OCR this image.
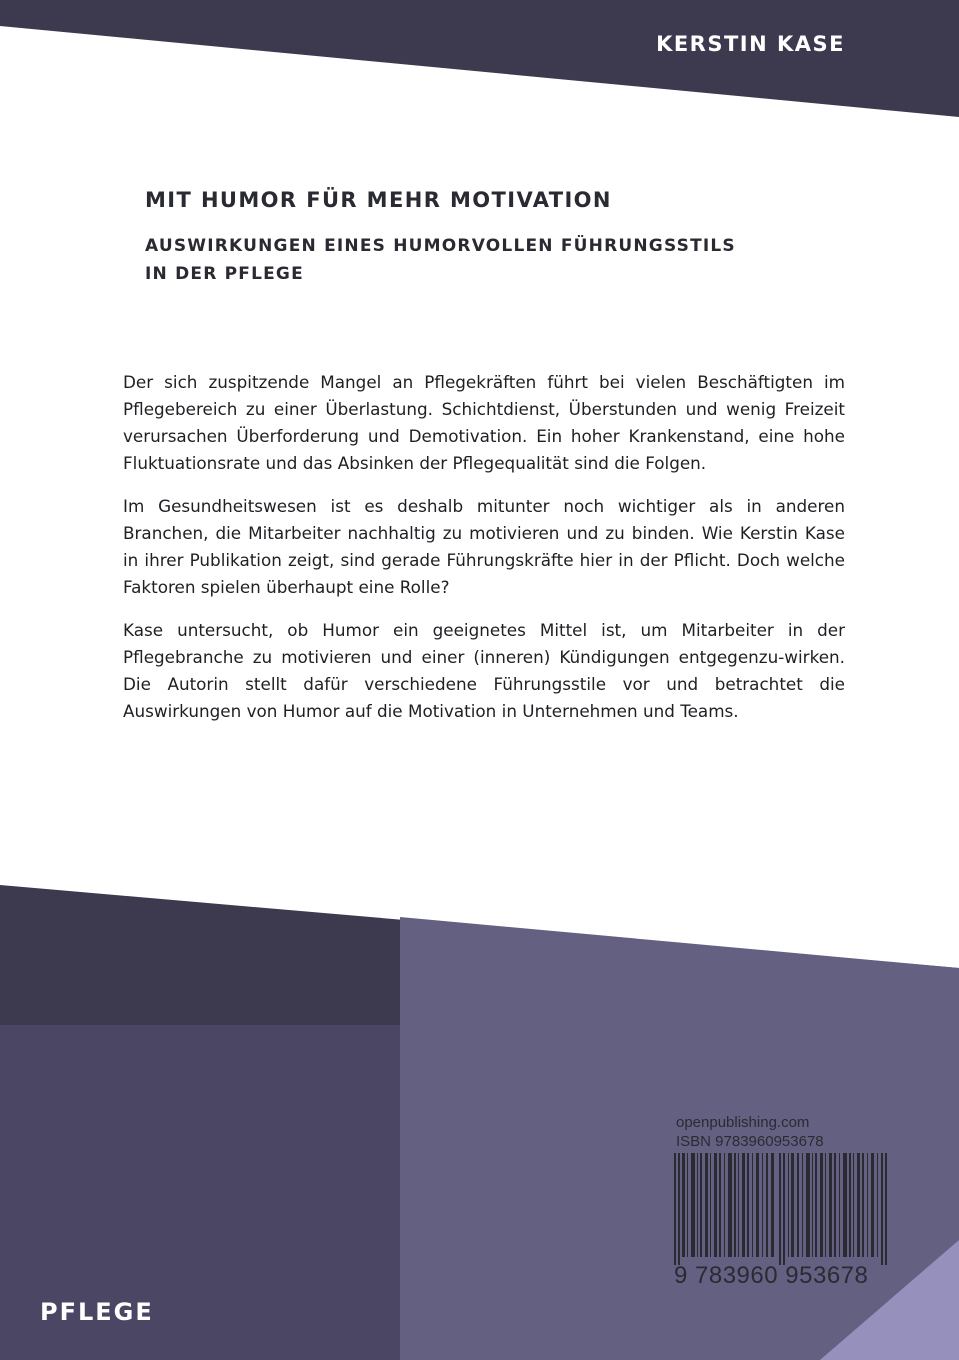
KERSTIN KASE
MIT HUMOR FÜR MEHR MOTIVATION
AUSWIRKUNGEN EINES HUMORVOLLEN FÜHRUNGSSTILS
IN DER PFLEGE

Der sich zuspitzende Mangel an Pflegekräften führt bei vielen Beschäftigten im Pflegebereich zu einer Überlastung. Schichtdienst, Überstunden und wenig Freizeit verursachen Überforderung und Demotivation. Ein hoher Krankenstand, eine hohe Fluktuationsrate und das Absinken der Pflegequalität sind die Folgen.

Im Gesundheitswesen ist es deshalb mitunter noch wichtiger als in anderen Branchen, die Mitarbeiter nachhaltig zu motivieren und zu binden. Wie Kerstin Kase in ihrer Publikation zeigt, sind gerade Führungskräfte hier in der Pflicht. Doch welche Faktoren spielen überhaupt eine Rolle?

Kase untersucht, ob Humor ein geeignetes Mittel ist, um Mitarbeiter in der Pflegebranche zu motivieren und einer (inneren) Kündigungen entgegenzu-wirken. Die Autorin stellt dafür verschiedene Führungsstile vor und betrachtet die Auswirkungen von Humor auf die Motivation in Unternehmen und Teams.

openpublishing.com
ISBN 9783960953678
9 783960 953678
PFLEGE
